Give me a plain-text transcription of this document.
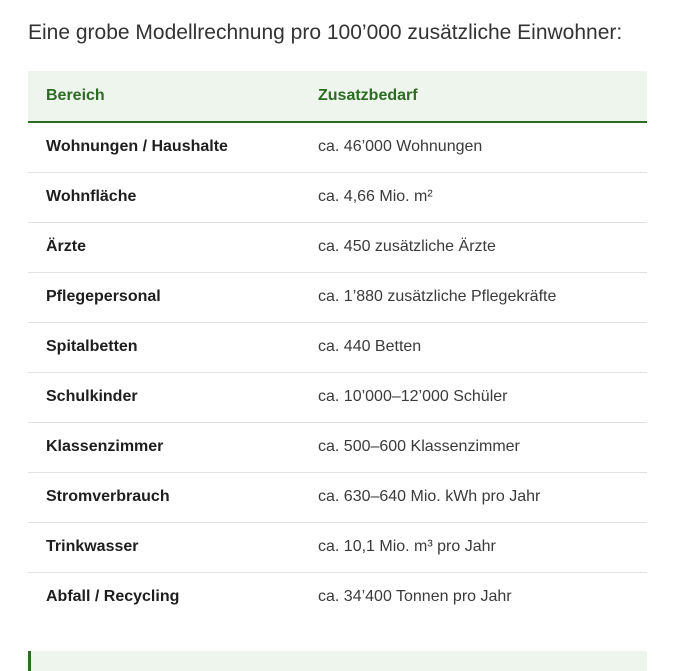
Eine grobe Modellrechnung pro 100’000 zusätzliche Einwohner:

Bereich	Zusatzbedarf
Wohnungen / Haushalte	ca. 46’000 Wohnungen
Wohnfläche	ca. 4,66 Mio. m²
Ärzte	ca. 450 zusätzliche Ärzte
Pflegepersonal	ca. 1’880 zusätzliche Pflegekräfte
Spitalbetten	ca. 440 Betten
Schulkinder	ca. 10’000–12’000 Schüler
Klassenzimmer	ca. 500–600 Klassenzimmer
Stromverbrauch	ca. 630–640 Mio. kWh pro Jahr
Trinkwasser	ca. 10,1 Mio. m³ pro Jahr
Abfall / Recycling	ca. 34’400 Tonnen pro Jahr
